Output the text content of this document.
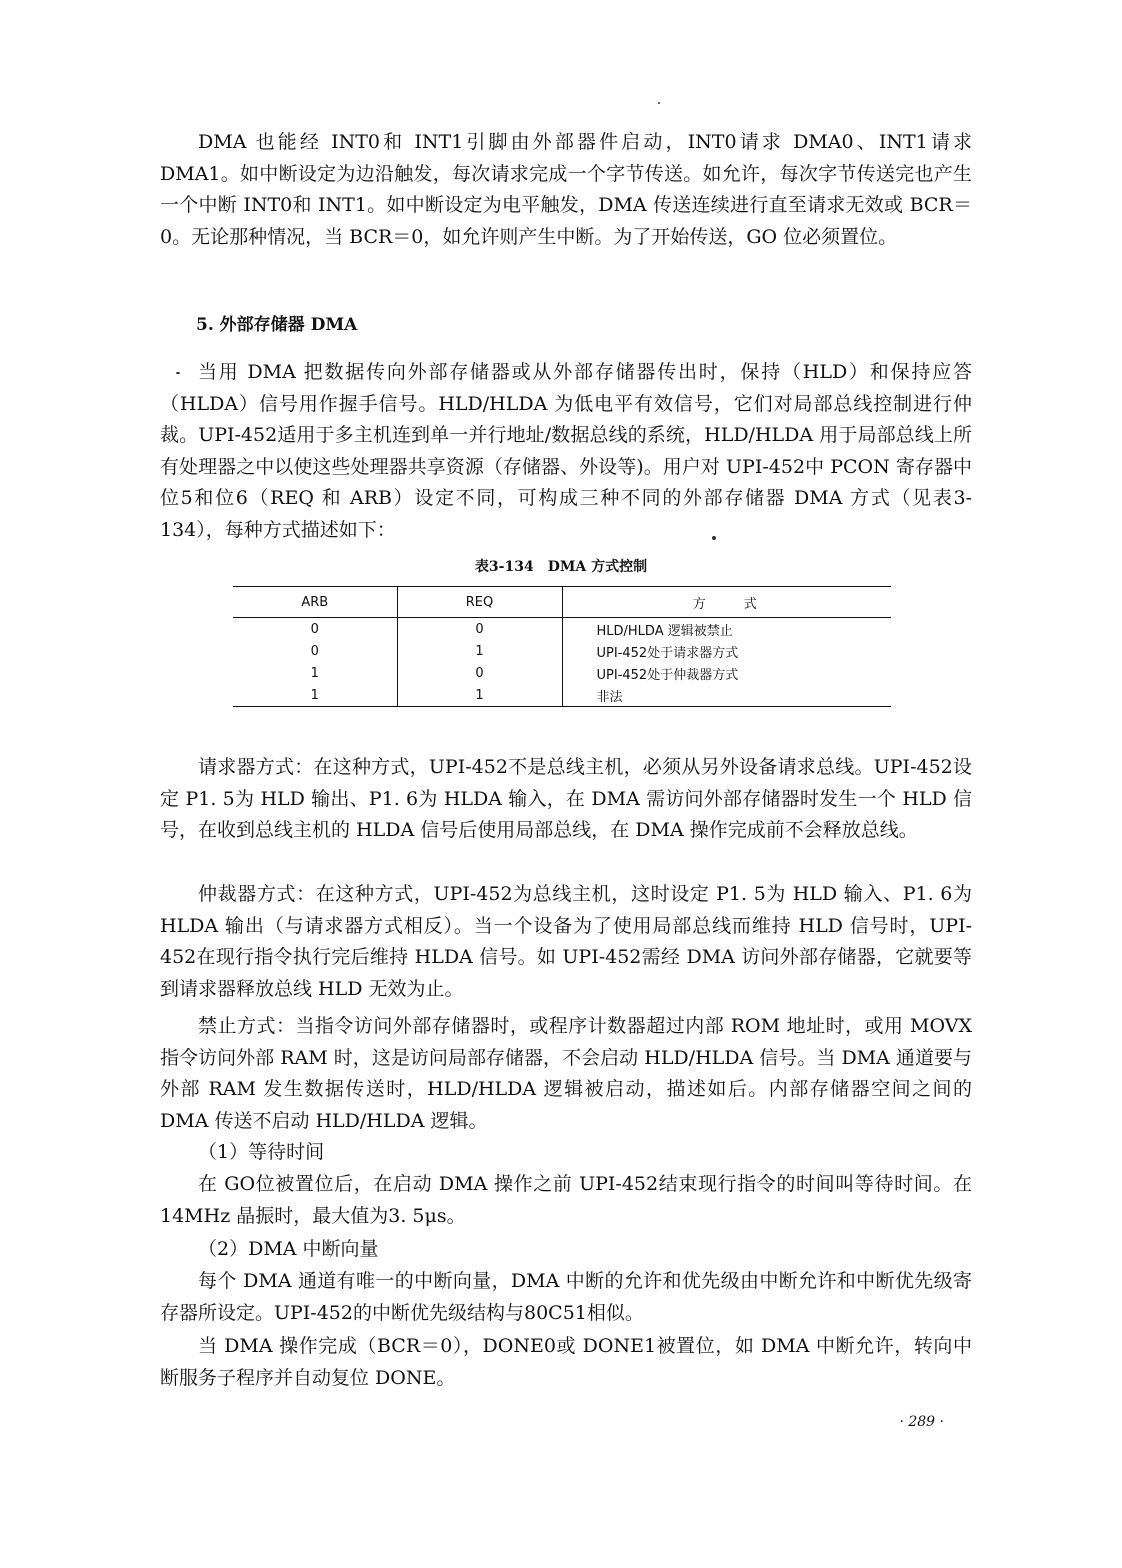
DMA 也能经 INT0和 INT1引脚由外部器件启动，INT0请求 DMA0、INT1请求 DMA1。如中断设定为边沿触发，每次请求完成一个字节传送。如允许，每次字节传送完也产生一个中断 INT0和 INT1。如中断设定为电平触发，DMA 传送连续进行直至请求无效或 BCR＝0。无论那种情况，当 BCR＝0，如允许则产生中断。为了开始传送，GO 位必须置位。

5. 外部存储器 DMA

当用 DMA 把数据传向外部存储器或从外部存储器传出时，保持（HLD）和保持应答（HLDA）信号用作握手信号。HLD/HLDA 为低电平有效信号，它们对局部总线控制进行仲裁。UPI-452适用于多主机连到单一并行地址/数据总线的系统，HLD/HLDA 用于局部总线上所有处理器之中以使这些处理器共享资源（存储器、外设等)。用户对 UPI-452中 PCON 寄存器中位5和位6（REQ 和 ARB）设定不同，可构成三种不同的外部存储器 DMA 方式（见表3-134），每种方式描述如下：

表3-134　DMA 方式控制

ARB	REQ	方　　式
0	0	HLD/HLDA 逻辑被禁止
0	1	UPI-452处于请求器方式
1	0	UPI-452处于仲裁器方式
1	1	非法

请求器方式：在这种方式，UPI-452不是总线主机，必须从另外设备请求总线。UPI-452设定 P1. 5为 HLD 输出、P1. 6为 HLDA 输入，在 DMA 需访问外部存储器时发生一个 HLD 信号，在收到总线主机的 HLDA 信号后使用局部总线，在 DMA 操作完成前不会释放总线。

仲裁器方式：在这种方式，UPI-452为总线主机，这时设定 P1. 5为 HLD 输入、P1. 6为 HLDA 输出（与请求器方式相反）。当一个设备为了使用局部总线而维持 HLD 信号时，UPI-452在现行指令执行完后维持 HLDA 信号。如 UPI-452需经 DMA 访问外部存储器，它就要等到请求器释放总线 HLD 无效为止。

禁止方式：当指令访问外部存储器时，或程序计数器超过内部 ROM 地址时，或用 MOVX 指令访问外部 RAM 时，这是访问局部存储器，不会启动 HLD/HLDA 信号。当 DMA 通道要与外部 RAM 发生数据传送时，HLD/HLDA 逻辑被启动，描述如后。内部存储器空间之间的 DMA 传送不启动 HLD/HLDA 逻辑。

（1）等待时间

在 GO位被置位后，在启动 DMA 操作之前 UPI-452结束现行指令的时间叫等待时间。在14MHz 晶振时，最大值为3. 5μs。

（2）DMA 中断向量

每个 DMA 通道有唯一的中断向量，DMA 中断的允许和优先级由中断允许和中断优先级寄存器所设定。UPI-452的中断优先级结构与80C51相似。

当 DMA 操作完成（BCR＝0），DONE0或 DONE1被置位，如 DMA 中断允许，转向中断服务子程序并自动复位 DONE。

· 289 ·
